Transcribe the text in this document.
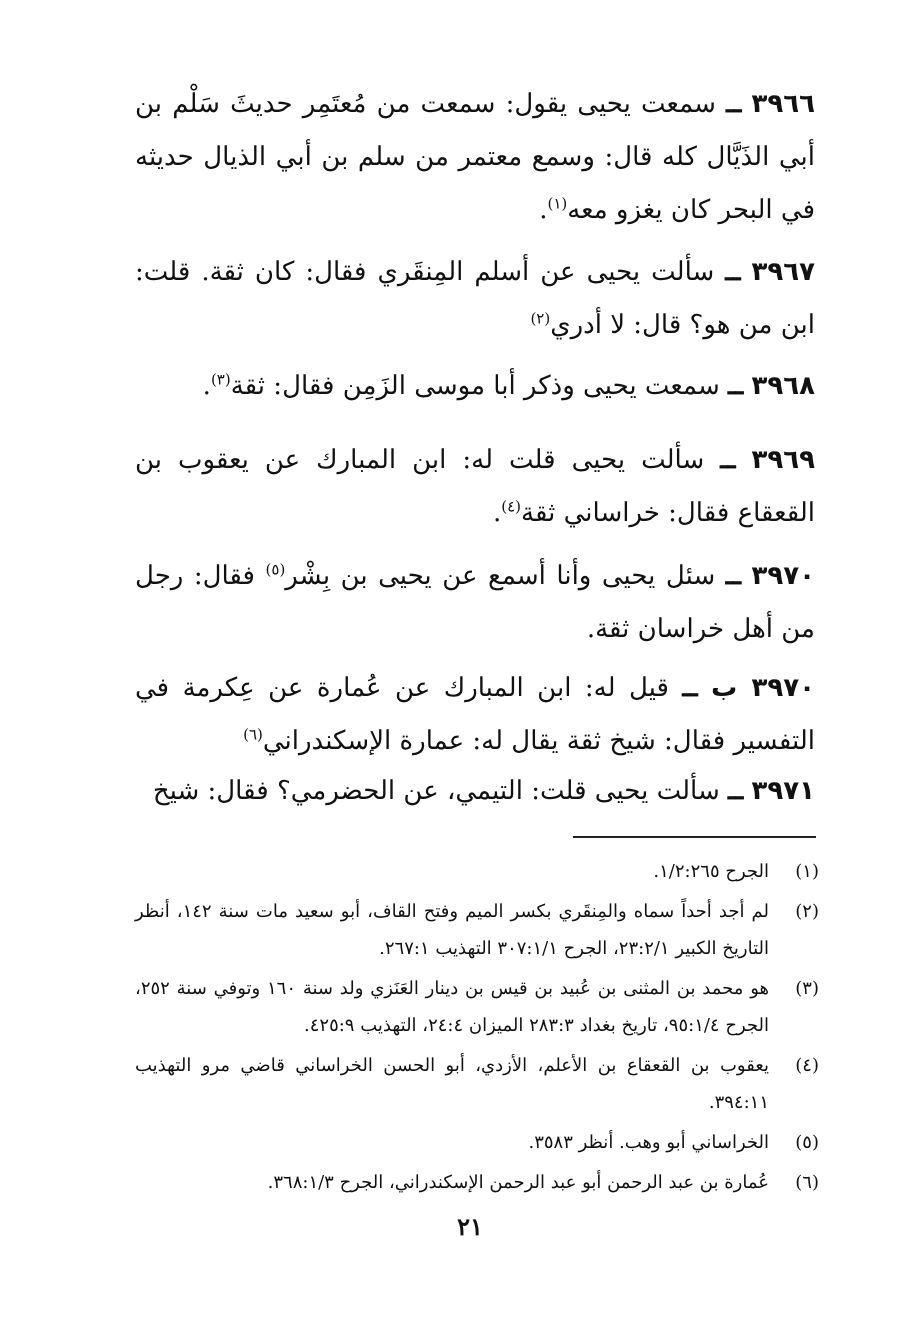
٣٩٦٦ ــ سمعت يحيى يقول: سمعت من مُعتَمِر حديثَ سَلْم بن أبي الذَيَّال كله قال: وسمع معتمر من سلم بن أبي الذيال حديثه في البحر كان يغزو معه$^{(١)}$.
٣٩٦٧ ــ سألت يحيى عن أسلم المِنقَري فقال: كان ثقة. قلت: ابن من هو؟ قال: لا أدري$^{(٢)}$
٣٩٦٨ ــ سمعت يحيى وذكر أبا موسى الزَمِن فقال: ثقة$^{(٣)}$.
٣٩٦٩ ــ سألت يحيى قلت له: ابن المبارك عن يعقوب بن القعقاع فقال: خراساني ثقة$^{(٤)}$.
٣٩٧٠ ــ سئل يحيى وأنا أسمع عن يحيى بن بِشْر$^{(٥)}$ فقال: رجل من أهل خراسان ثقة.
٣٩٧٠ ب ــ قيل له: ابن المبارك عن عُمارة عن عِكرمة في التفسير فقال: شيخ ثقة يقال له: عمارة الإسكندراني$^{(٦)}$
٣٩٧١ ــ سألت يحيى قلت: التيمي، عن الحضرمي؟ فقال: شيخ
(١)
الجرح ١/٢:٢٦٥.
(٢)
لم أجد أحداً سماه والمِنقَري بكسر الميم وفتح القاف، أبو سعيد مات سنة ١٤٢، أنظر التاريخ الكبير ٢٣:٢/١، الجرح ٣٠٧:١/١ التهذيب ٢٦٧:١.
(٣)
هو محمد بن المثنى بن عُبيد بن قيس بن دينار العَنَزي ولد سنة ١٦٠ وتوفي سنة ٢٥٢، الجرح ٩٥:١/٤، تاريخ بغداد ٢٨٣:٣ الميزان ٢٤:٤، التهذيب ٤٢٥:٩.
(٤)
يعقوب بن القعقاع بن الأعلم، الأزدي، أبو الحسن الخراساني قاضي مرو التهذيب ٣٩٤:١١.
(٥)
الخراساني أبو وهب. أنظر ٣٥٨٣.
(٦)
عُمارة بن عبد الرحمن أبو عبد الرحمن الإسكندراني، الجرح ٣٦٨:١/٣.
٢١
